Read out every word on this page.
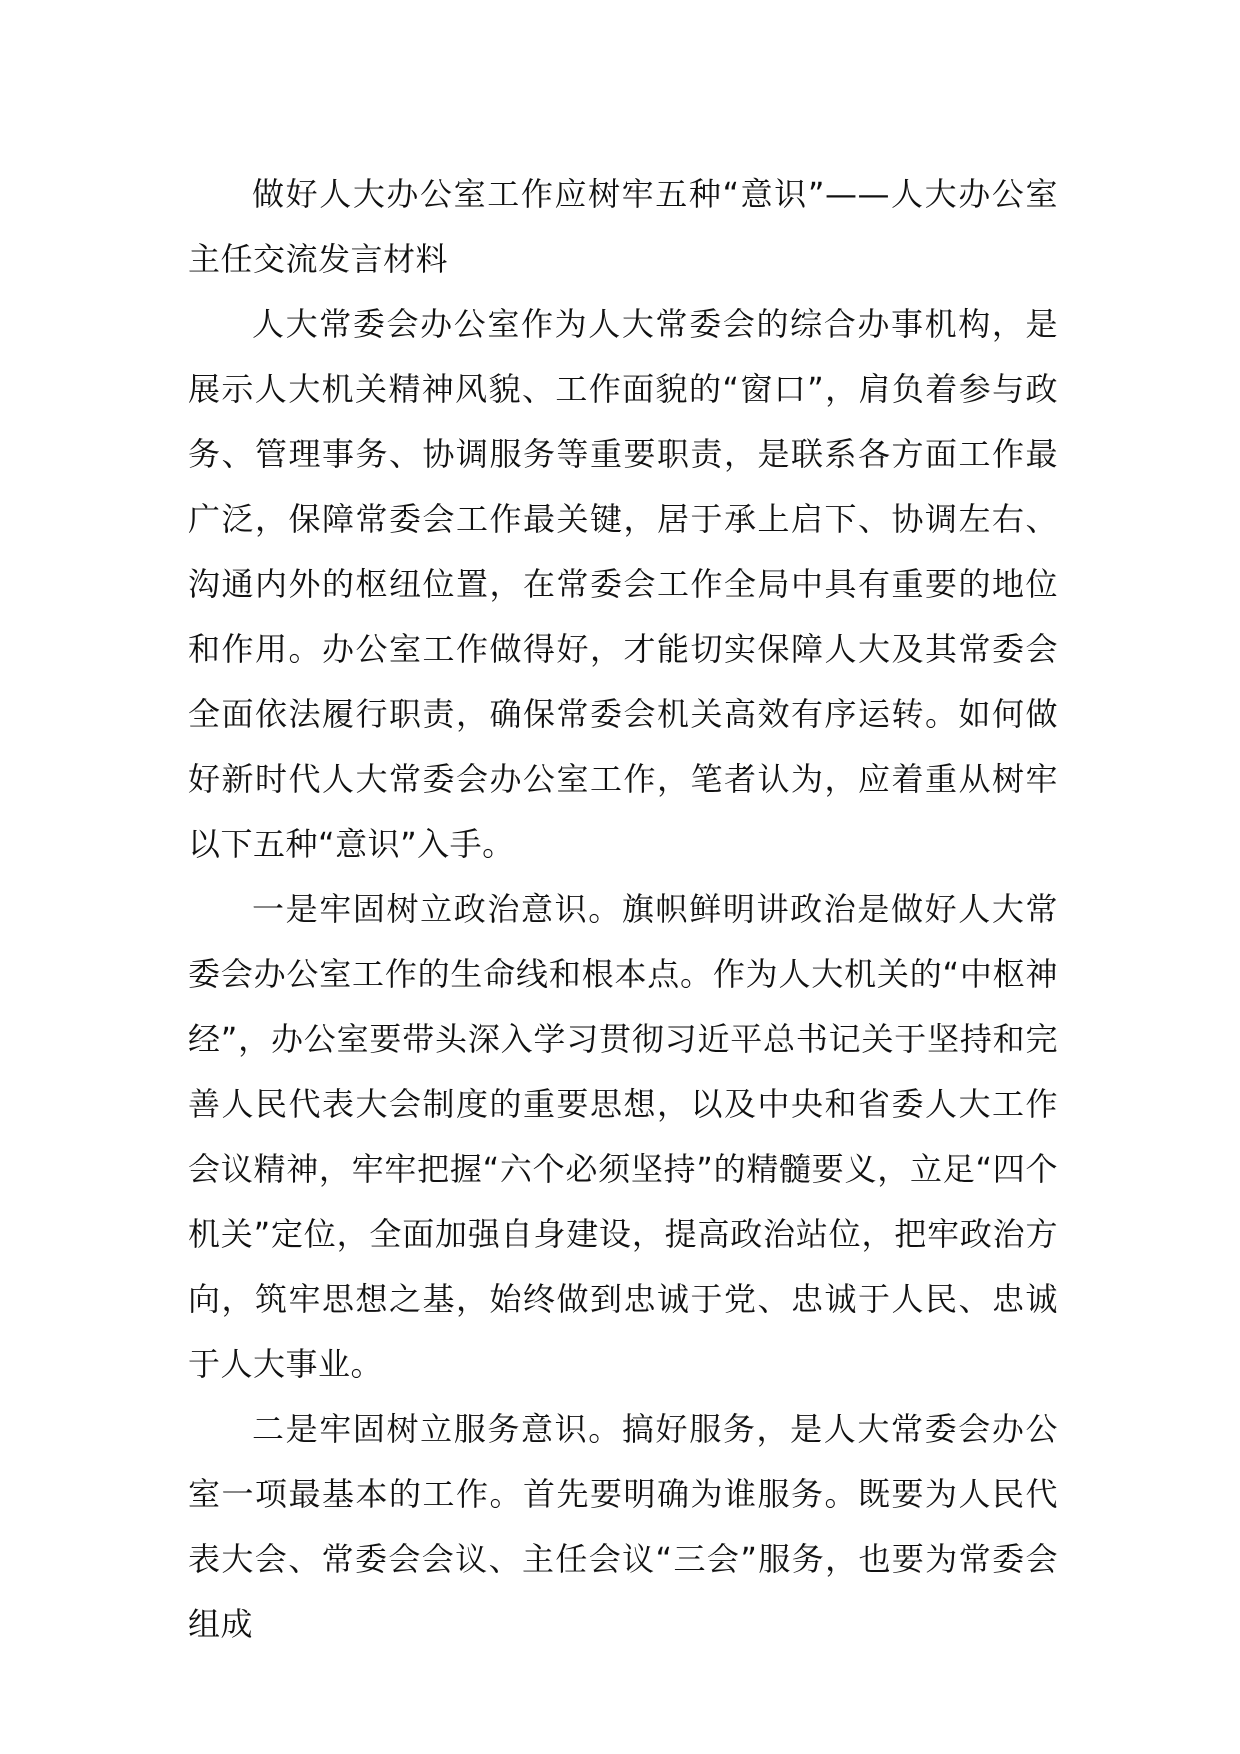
做好人大办公室工作应树牢五种“意识”——人大办公室主任交流发言材料

人大常委会办公室作为人大常委会的综合办事机构，是展示人大机关精神风貌、工作面貌的“窗口”，肩负着参与政务、管理事务、协调服务等重要职责，是联系各方面工作最广泛，保障常委会工作最关键，居于承上启下、协调左右、沟通内外的枢纽位置，在常委会工作全局中具有重要的地位和作用。办公室工作做得好，才能切实保障人大及其常委会全面依法履行职责，确保常委会机关高效有序运转。如何做好新时代人大常委会办公室工作，笔者认为，应着重从树牢以下五种“意识”入手。

一是牢固树立政治意识。旗帜鲜明讲政治是做好人大常委会办公室工作的生命线和根本点。作为人大机关的“中枢神经”，办公室要带头深入学习贯彻习近平总书记关于坚持和完善人民代表大会制度的重要思想，以及中央和省委人大工作会议精神，牢牢把握“六个必须坚持”的精髓要义，立足“四个机关”定位，全面加强自身建设，提高政治站位，把牢政治方向，筑牢思想之基，始终做到忠诚于党、忠诚于人民、忠诚于人大事业。

二是牢固树立服务意识。搞好服务，是人大常委会办公室一项最基本的工作。首先要明确为谁服务。既要为人民代表大会、常委会会议、主任会议“三会”服务，也要为常委会组成
